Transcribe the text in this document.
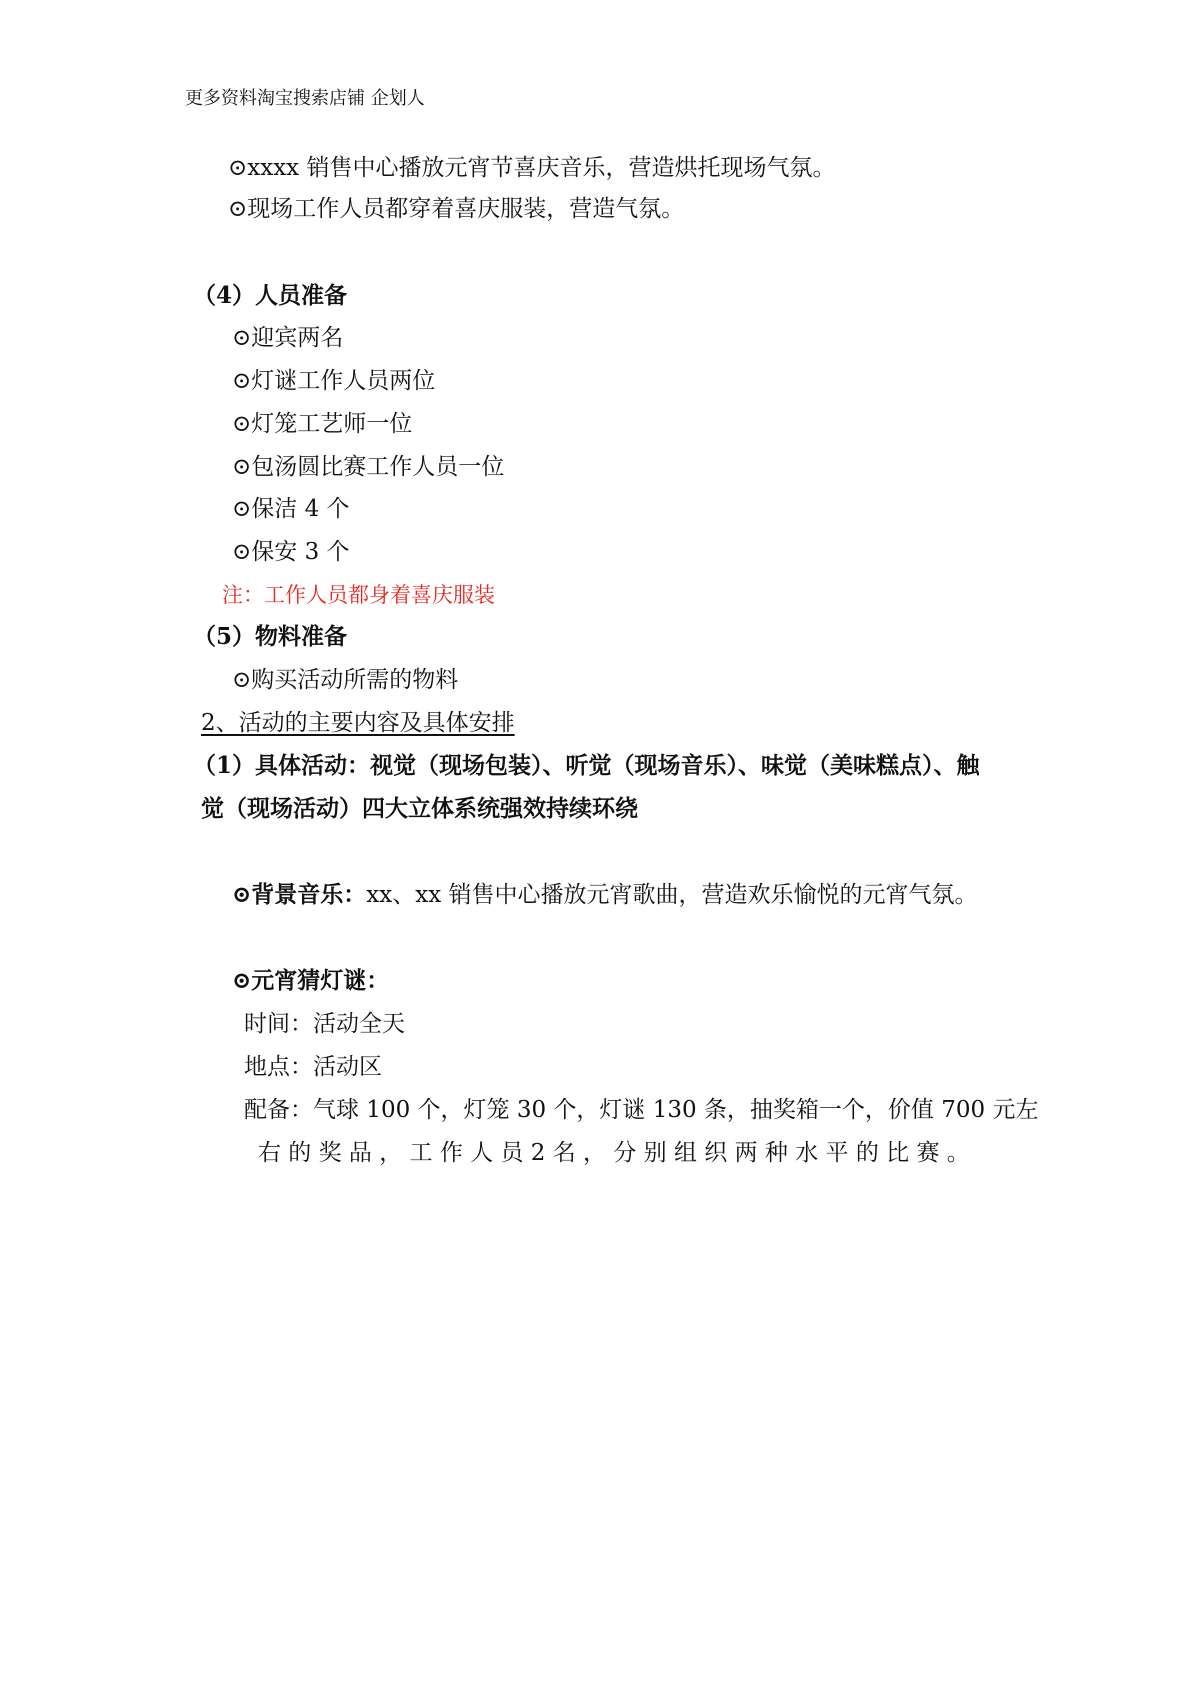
更多资料淘宝搜索店铺 企划人
⊙xxxx 销售中心播放元宵节喜庆音乐，营造烘托现场气氛。
⊙现场工作人员都穿着喜庆服装，营造气氛。
（4）人员准备
⊙迎宾两名
⊙灯谜工作人员两位
⊙灯笼工艺师一位
⊙包汤圆比赛工作人员一位
⊙保洁 4 个
⊙保安 3 个
注：工作人员都身着喜庆服装
（5）物料准备
⊙购买活动所需的物料
2、活动的主要内容及具体安排
（1）具体活动：视觉（现场包装）、听觉（现场音乐）、味觉（美味糕点）、触
觉（现场活动）四大立体系统强效持续环绕
⊙背景音乐：xx、xx 销售中心播放元宵歌曲，营造欢乐愉悦的元宵气氛。
⊙元宵猜灯谜：
时间：活动全天
地点：活动区
配备：气球 100 个，灯笼 30 个，灯谜 130 条，抽奖箱一个，价值 700 元左
右 的 奖 品 ， 工 作 人 员 2 名 ， 分 别 组 织 两 种 水 平 的 比 赛 。
